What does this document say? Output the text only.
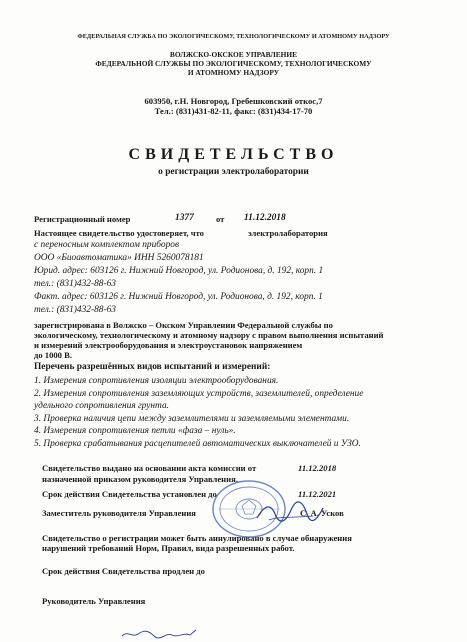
ФЕДЕРАЛЬНАЯ СЛУЖБА ПО ЭКОЛОГИЧЕСКОМУ, ТЕХНОЛОГИЧЕСКОМУ И АТОМНОМУ НАДЗОРУ
ВОЛЖСКО-ОКСКОЕ УПРАВЛЕНИЕ
ФЕДЕРАЛЬНОЙ СЛУЖБЫ ПО ЭКОЛОГИЧЕСКОМУ, ТЕХНОЛОГИЧЕСКОМУ
И АТОМНОМУ НАДЗОРУ
603950, г.Н. Новгород, Гребешковский откос,7
Тел.: (831)431-82-11, факс: (831)434-17-70
СВИДЕТЕЛЬСТВО
о регистрации электролаборатории
Регистрационный номер	1377	от 11.12.2018
Настоящее свидетельство удостоверяет, что	электролаборатория
с переносным комплектом приборов
ООО «Биоавтоматика» ИНН 5260078181
Юрид. адрес: 603126 г. Нижний Новгород, ул. Родионова, д. 192, корп. 1
тел.: (831)432-88-63
Факт. адрес: 603126 г. Нижний Новгород, ул. Родионова, д. 192, корп. 1
тел.: (831)432-88-63
зарегистрирована в Волжско – Окском Управлении Федеральной службы по
экологическому, технологическому и атомному надзору с правом выполнения испытаний
и измерений электрооборудования и электроустановок напряжением
до 1000 В.
Перечень разрешённых видов испытаний и измерений:
1. Измерения сопротивления изоляции электрооборудования.
2. Измерения сопротивления заземляющих устройств, заземлителей, определение
удельного сопротивления грунта.
3. Проверка наличия цепи между заземлителями и заземляемыми элементами.
4. Измерения сопротивления петли «фаза – нуль».
5. Проверка срабатывания расцепителей автоматических выключателей и УЗО.
Свидетельство выдано на основании акта комиссии от	11.12.2018
назначенной приказом руководителя Управления.
Срок действия Свидетельства установлен до	11.12.2021
Заместитель руководителя Управления	С. А. Усков
Свидетельство о регистрации может быть аннулировано в случае обнаружения
нарушений требований Норм, Правил, вида разрешенных работ.
Срок действия Свидетельства продлен до
Руководитель Управления
